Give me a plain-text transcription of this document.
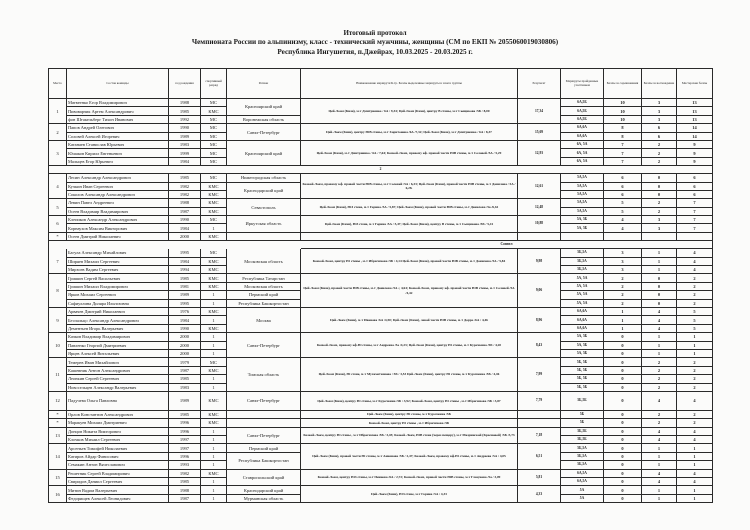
Итоговый протокол
Чемпионата России по альпинизму, класс - технический мужчины, женщины (СМ по ЕКП № 2055060019030806)
Республика Ингушетия, п.Джейрах, 10.03.2025 - 20.03.2025 г.
Место	Состав команды	год рождения	спортивный разряд	Регион	Наименование маршрута/К.тр. Баллы выделенные маршруты в зачете группы	Результат	Маршруты пройденные участником	Баллы за соревнования	Баллы за восхождение	Мастерские баллы
1	Матвеенко Егор Владимирович	1988	МС	Красноярский край	Цей-Лоам (Кизи), м-т Дмитриенко / 6А / 9,34; Цей-Лоам (Кизи), центру В стены, м-т Сыщикова /5Б / 8,00	17,34	6А,5Б	10	3	13
	Пивоварчик Артем Александрович	1985	КМС				6А,5Б	10	3	13
	фон Штакельберг Тихон Иванович	1992	МС	Воронежская область			6А,5Б	10	3	13
2	Папов Андрей Олегович	1990	МС	Санкт-Петербург	Цей-Лоам (Кизи), центру ЮВ стены, м-т Харитонова /6А /7,32; Цей-Лоам (Кизи), м-т Дмитриенко / 6А / 8,37	15,69	6А,6А	8	6	14
	Соловей Алексей Игоревич	1989	МС				6А,6А	8	6	14
3	Катанаев Станислав Юрьевич	1983	МС	Красноярский край	Цей-Лоам (Кизи), м-т Дмитриенко / 6А / 7,64; Козкой-Лоам, правому кф. правой части ЮВ стены, м-т Соловей /5А / 5,29	12,93	6А, 5А	7	2	9
	Юшаков Кирилл Евгеньевич	1999	МС				6А, 5А	7	2	9
	Мальцев Егор Юрьевич	1984	МС				6А, 5А	7	2	9
2										
4	Лесин Александр Александрович	1985	МС	Нижегородская область	Козкой-Лоам, правому кф. правой части ЮВ стены, м-т Соловей /5А / 6,33; Цей-Лоам (Кизи), правой части ЮВ стены, м-т Данилова / 5А / 6,28.	12,61	5А,5А	6	0	6
	Кучкин Иван Сергеевич	1982	КМС	Краснодарский край			5А,5А	6	0	6
	Соколов Александр Александрович	1982	КМС				5А,5А	6	0	6
5	Левин Павел Андреевич	1988	КМС	Севастополь	Цей-Лоам (Кизи), ЮЗ стене, м-т Горина /5А / 5,87; Цей-Лоам (Кизи), правой части ЮВ стены, м-т Данилова /5а /6,61	12,48	5А,5А	5	2	7
	Осеев Владимир Владимирович	1987	КМС				5А,5А	5	2	7
6	Клепиков Александр Александрович	1990	МС	Иркутская область	Цей-Лоам (Кизи), ЮЗ стене, м-т Горина /5А / 5,47; Цей-Лоам (Кизи), центру В стены, м-т Сыщикова /5Б / 5,41	10,88	5А, 5Б	4	3	7
	Корнаухов Максим Викторович	1984	1				5А, 5Б	4	3	7
*	Осеев Дмитрий Николаевич	2000	КМС							
					Сопвел					
7	Багула Александр Михайлович	1995	МС	Московская область	Козкой-Лоам, центру Ю стены , м-т Ибрагимова /5Б / 4,14 Цей-Лоам (Кизи), правой части ЮВ стены, м-т Данилова /5А / 5,84	9,98	5Б,5А	3	1	4
	Ширяев Михаил Сергеевич	1984	КМС				5Б,5А	3	1	4
	Мирзоев Вадим Сергеевич	1994	КМС				5Б,5А	3	1	4
8	Гришин Сергей Васильевич	1985	КМС	Республика Татарстан	Цей-Лоам (Кизи), правой части ЮВ стены, м-т Данилова /5А /, 4,64; Козкой-Лоам, правому кф. правой части ЮВ стены, м-т Соловей /5А /4,42	9,06	5А, 5А	2	0	2
	Гришин Михаил Владимирович	1981	КМС	Московская область			5А, 5А	2	0	2
	Ярков Михаил Сергеевич	1989	1	Пермский край			5А, 5А	2	0	2
	Сафиуллина Диляра Ильгизовна	1995	1	Республика Башкортостан			5А, 5А	2	0	2
9	Арвачев Дмитрий Николаевич	1976	КМС	Москва	Цей-Лоам (Кизи), м-т Иванова /6А /4,50; Цей-Лоам (Кизи), левой части ЮВ стены, м-т Дорро /6А / 4,46	8,96	6А,6А	1	4	5
	Беспальцо Александр Александрович	1984	1				6А,6А	1	4	5
	Дементьев Игорь Валерьевич	1990	КМС				6А,6А	1	4	5
10	Качков Владимир Владимирович	2000	1	Санкт-Петербург	Козкой-Лоам, правому кф.Ю стены, м-т Андреева /5а /4,23; Цей-Лоам (Кизи), центру Ю стены, м-т Курочкина /5Б / 4,20	8,43	5А, 5Б	0	1	1
	Павленко Георгий Дмитриевич	2000	1				5А, 5Б	0	1	1
	Ярцев Алексей Витальевич	2000	1				5А, 5Б	0	1	1
11	Темерев Иван Михайлович	1979	МС	Томская область	Цей-Лоам (Кизи), Ю стене, м-т Мухаметзянова / 5Б / 3,53 Цей-Лоам (Кизи), центру Ю стены, м-т Курочкина /5Б / 4,46	7,99	5Б, 5Б	0	2	2
	Кашевник Антон Александрович	1987	КМС				5Б, 5Б	0	2	2
	Леонкин Сергей Сергеевич	1985	1				5Б, 5Б	0	2	2
	Новосельцев Александр Валерьевич	1983	1				5Б, 5Б	0	2	2
12	Падучева Ольга Павловна	1989	КМС	Санкт-Петербург	Цей-Лоам (Кизи), центру Ю стены, м-т Курочкина /5Б / 3,92; Козкой-Лоам, центру Ю стены , м-т Ибрагимова /5Б / 3,87	7,79	5Б,5Б	0	4	4
*	Орлов Константин Александрович	1985	КМС		Цей-Лоам (Кизи), центру Ю стены, м-т Курочкина /5Б		5Б	0	2	2
*	Маракуев Михаил Дмитриевич	1996	КМС		Козкой-Лоам, центру Ю стены , м-т Ибрагимова /5Б		5Б	0	2	2
13	Донцов Никита Викторович	1996	1	Санкт-Петербург	Козкой-Лоам, центру Ю стены , м-т Ибрагимова /5Б / 3,45; Козкой-Лоам, ЮВ стене (через пещеру), м-т Мазринской (Красновой) /5Б /3,73	7,18	5Б,5Б	0	4	4
	Клочков Михаил Сергеевич	1997	1				5Б,5Б	0	4	4
14	Арсеньев Тимофей Николаевич	1997	1	Пермский край	Цей-Лоам (Кизи), правой части Ю стены, м-т Анненова /5Б / 2,47; Козкой-Лоам, правому кф.Ю стены, м-т Андреева /5А / 4,05	6,51	5Б,5А	0	1	1
	Катиров Айдар Фанисович	1996	1	Республика Башкортостан			5Б,5А	0	1	1
	Семакин Антон Вячеславович	1993	1				5Б,5А	0	1	1
15	Решетник Сергей Владимирович	1982	КМС	Ставропольский край	Козкой-Лоам, центру ЮЗ стены, м-т Пеннова /6А / 2,72; Козкой-Лоам, правой части ЮВ стены, м-т Глазунова /5а / 3,09	5,81	6А,5А	0	4	4
	Свиридов Даниил Сергеевич	1985	1				6А,5А	0	4	4
16	Митин Вадим Валерьевич	1988	1	Краснодарский край	Цей-Лоам (Кизи), ЮЗ стене, м-т Горина /5А / 4,33	4,33	5А	0	1	1
	Федорищев Алексей Леонидович	1987	1	Мурманская область			5А	0	1	1
